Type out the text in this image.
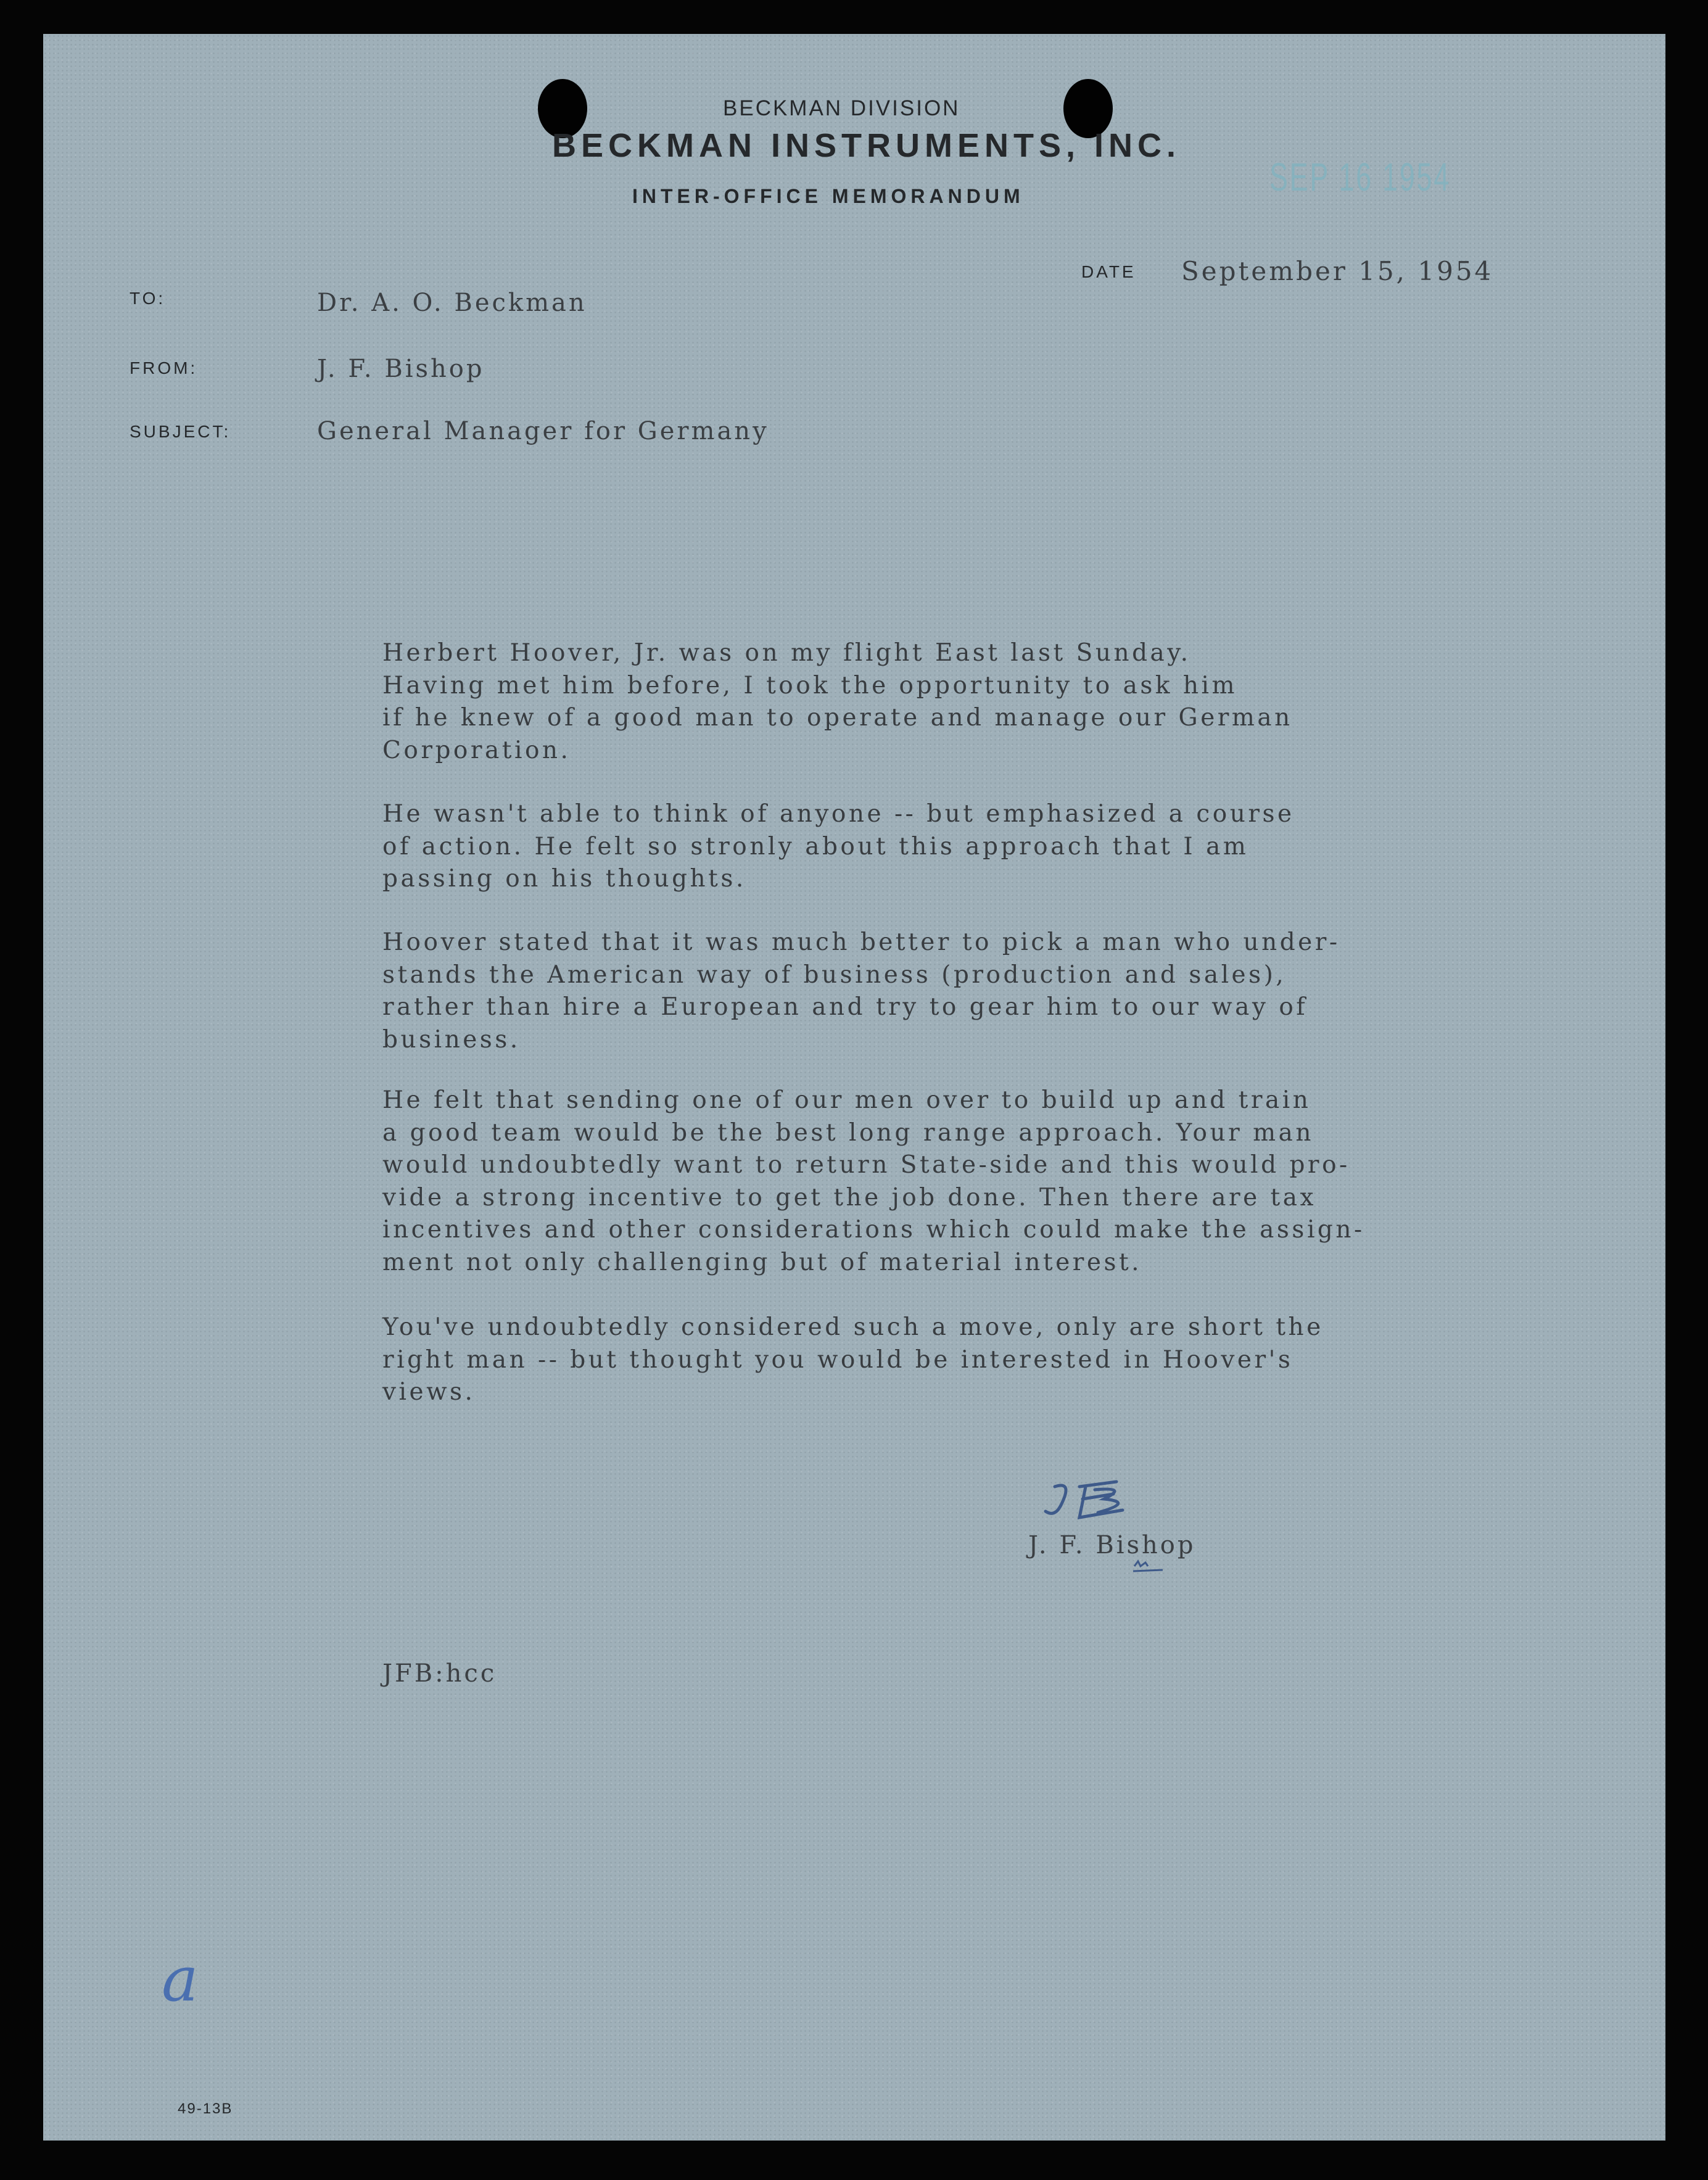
BECKMAN DIVISION
BECKMAN INSTRUMENTS, INC.
INTER-OFFICE MEMORANDUM	SEP 16 1954
DATE September 15, 1954
TO:	Dr. A. O. Beckman
FROM:	J. F. Bishop
SUBJECT:	General Manager for Germany
Herbert Hoover, Jr. was on my flight East last Sunday.
Having met him before, I took the opportunity to ask him
if he knew of a good man to operate and manage our German
Corporation.
He wasn't able to think of anyone -- but emphasized a course
of action. He felt so stronly about this approach that I am
passing on his thoughts.
Hoover stated that it was much better to pick a man who under-
stands the American way of business (production and sales),
rather than hire a European and try to gear him to our way of
business.
He felt that sending one of our men over to build up and train
a good team would be the best long range approach. Your man
would undoubtedly want to return State-side and this would pro-
vide a strong incentive to get the job done. Then there are tax
incentives and other considerations which could make the assign-
ment not only challenging but of material interest.
You've undoubtedly considered such a move, only are short the
right man -- but thought you would be interested in Hoover's
views.
J. F. Bishop
JFB:hcc
a
49-13B
